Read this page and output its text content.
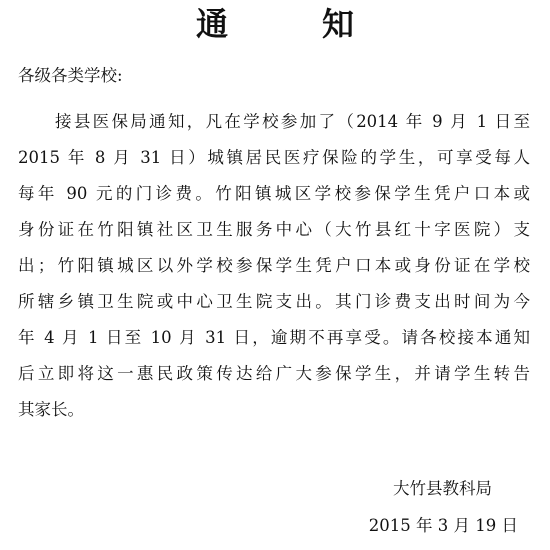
通知
各级各类学校:
接县医保局通知，凡在学校参加了（2014 年 9 月 1 日至
2015 年 8 月 31 日）城镇居民医疗保险的学生，可享受每人
每年 90 元的门诊费。竹阳镇城区学校参保学生凭户口本或
身份证在竹阳镇社区卫生服务中心（大竹县红十字医院）支
出；竹阳镇城区以外学校参保学生凭户口本或身份证在学校
所辖乡镇卫生院或中心卫生院支出。其门诊费支出时间为今
年 4 月 1 日至 10 月 31 日，逾期不再享受。请各校接本通知
后立即将这一惠民政策传达给广大参保学生，并请学生转告
其家长。
大竹县教科局
2015 年 3 月 19 日
